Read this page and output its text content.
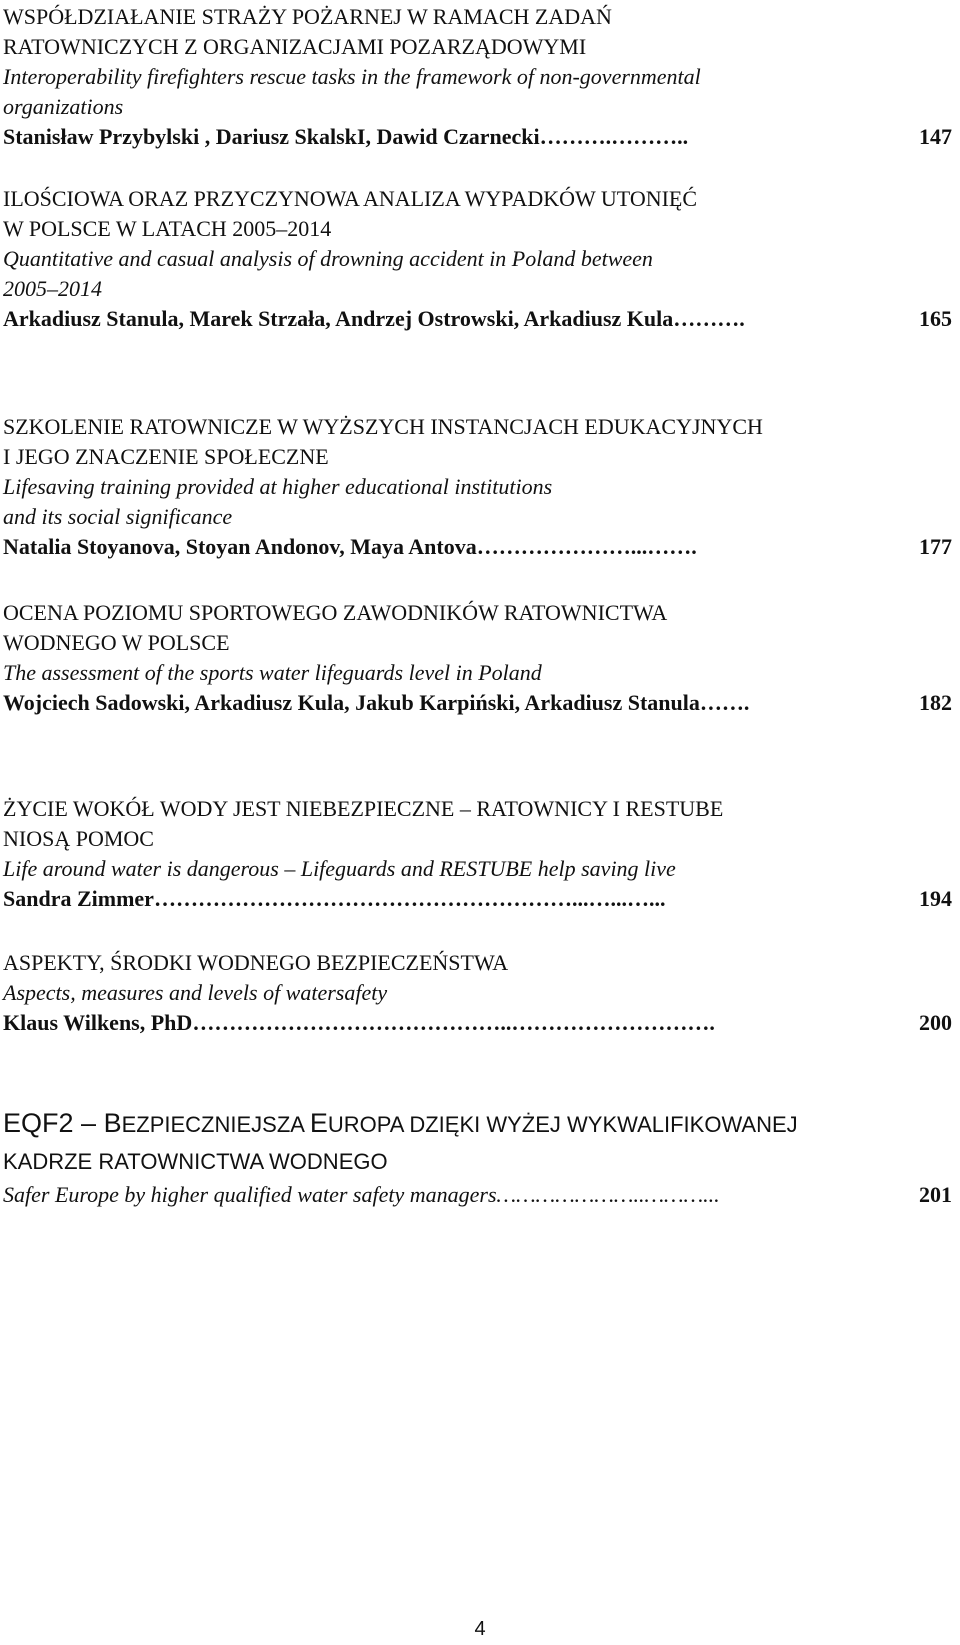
WSPÓŁDZIAŁANIE STRAŻY POŻARNEJ W RAMACH ZADAŃ
RATOWNICZYCH Z ORGANIZACJAMI POZARZĄDOWYMI
Interoperability firefighters rescue tasks in the framework of non-governmental
organizations
Stanisław Przybylski , Dariusz SkalskI, Dawid Czarnecki ……….………..	147
ILOŚCIOWA ORAZ PRZYCZYNOWA ANALIZA WYPADKÓW UTONIĘĆ
W POLSCE W LATACH 2005–2014
Quantitative and casual analysis of drowning accident in Poland between
2005–2014
Arkadiusz Stanula, Marek Strzała, Andrzej Ostrowski, Arkadiusz Kula ……….	165
SZKOLENIE RATOWNICZE W WYŻSZYCH INSTANCJACH EDUKACYJNYCH
I JEGO ZNACZENIE SPOŁECZNE
Lifesaving training provided at higher educational institutions
and its social significance
Natalia Stoyanova, Stoyan Andonov, Maya Antova …………………...…….	177
OCENA POZIOMU SPORTOWEGO ZAWODNIKÓW RATOWNICTWA
WODNEGO W POLSCE
The assessment of the sports water lifeguards level in Poland
Wojciech Sadowski, Arkadiusz Kula, Jakub Karpiński, Arkadiusz Stanula …….	182
ŻYCIE WOKÓŁ WODY JEST NIEBEZPIECZNE – RATOWNICY I RESTUBE
NIOSĄ POMOC
Life around water is dangerous – Lifeguards and RESTUBE help saving live
Sandra Zimmer …………………………………………………...…...…...	194
ASPEKTY, ŚRODKI WODNEGO BEZPIECZEŃSTWA
Aspects, measures and levels of watersafety
Klaus Wilkens, PhD ……………………………………..……………………….	200
EQF2 – BEZPIECZNIEJSZA EUROPA DZIĘKI WYŻEJ WYKWALIFIKOWANEJ
KADRZE RATOWNICTWA WODNEGO
Safer Europe by higher qualified water safety managers …………………..………...	201
4
